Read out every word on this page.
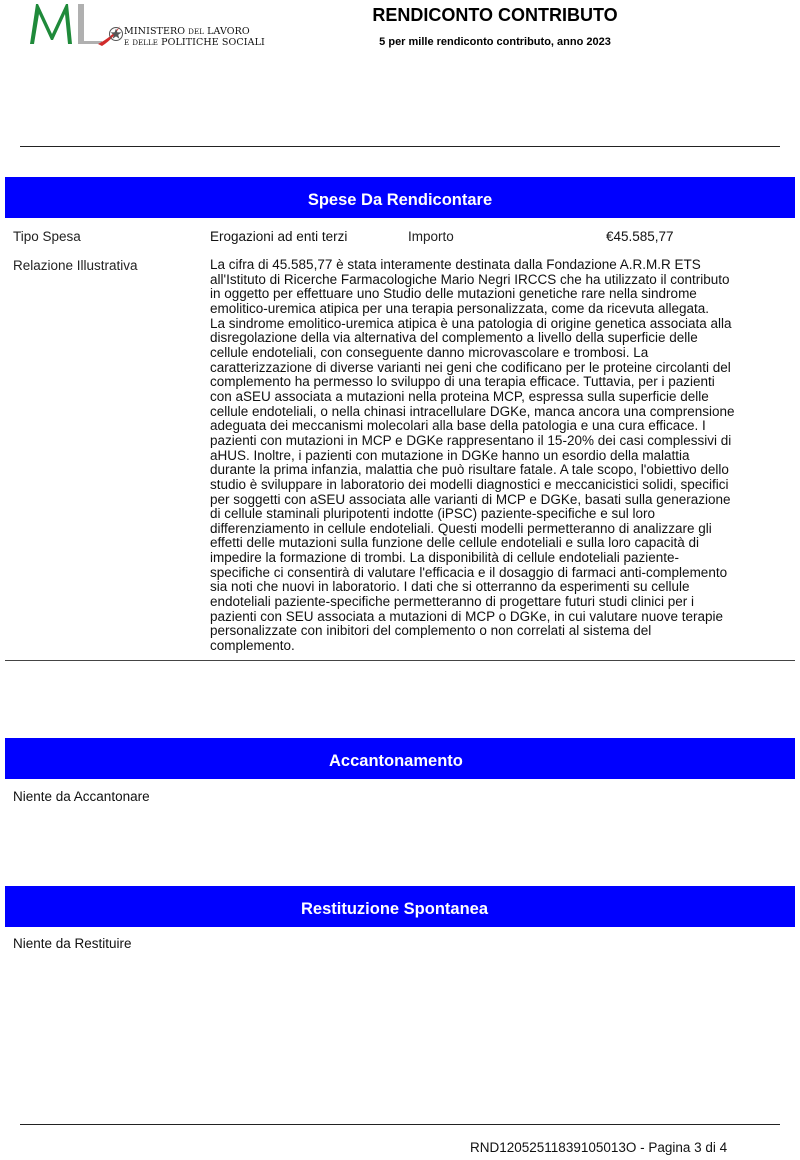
MINISTERO del LAVORO
e delle POLITICHE SOCIALI
RENDICONTO CONTRIBUTO
5 per mille rendiconto contributo, anno 2023
Spese Da Rendicontare
Tipo Spesa	Erogazioni ad enti terzi	Importo	€45.585,77
Relazione Illustrativa	La cifra di 45.585,77 è stata interamente destinata dalla Fondazione A.R.M.R ETS
all'Istituto di Ricerche Farmacologiche Mario Negri IRCCS che ha utilizzato il contributo
in oggetto per effettuare uno Studio delle mutazioni genetiche rare nella sindrome
emolitico-uremica atipica per una terapia personalizzata, come da ricevuta allegata.
La sindrome emolitico-uremica atipica è una patologia di origine genetica associata alla
disregolazione della via alternativa del complemento a livello della superficie delle
cellule endoteliali, con conseguente danno microvascolare e trombosi. La
caratterizzazione di diverse varianti nei geni che codificano per le proteine circolanti del
complemento ha permesso lo sviluppo di una terapia efficace. Tuttavia, per i pazienti
con aSEU associata a mutazioni nella proteina MCP, espressa sulla superficie delle
cellule endoteliali, o nella chinasi intracellulare DGKe, manca ancora una comprensione
adeguata dei meccanismi molecolari alla base della patologia e una cura efficace. I
pazienti con mutazioni in MCP e DGKe rappresentano il 15-20% dei casi complessivi di
aHUS. Inoltre, i pazienti con mutazione in DGKe hanno un esordio della malattia
durante la prima infanzia, malattia che può risultare fatale. A tale scopo, l'obiettivo dello
studio è sviluppare in laboratorio dei modelli diagnostici e meccanicistici solidi, specifici
per soggetti con aSEU associata alle varianti di MCP e DGKe, basati sulla generazione
di cellule staminali pluripotenti indotte (iPSC) paziente-specifiche e sul loro
differenziamento in cellule endoteliali. Questi modelli permetteranno di analizzare gli
effetti delle mutazioni sulla funzione delle cellule endoteliali e sulla loro capacità di
impedire la formazione di trombi. La disponibilità di cellule endoteliali paziente-
specifiche ci consentirà di valutare l'efficacia e il dosaggio di farmaci anti-complemento
sia noti che nuovi in laboratorio. I dati che si otterranno da esperimenti su cellule
endoteliali paziente-specifiche permetteranno di progettare futuri studi clinici per i
pazienti con SEU associata a mutazioni di MCP o DGKe, in cui valutare nuove terapie
personalizzate con inibitori del complemento o non correlati al sistema del
complemento.
Accantonamento
Niente da Accantonare
Restituzione Spontanea
Niente da Restituire
RND12052511839105013O - Pagina 3 di 4
